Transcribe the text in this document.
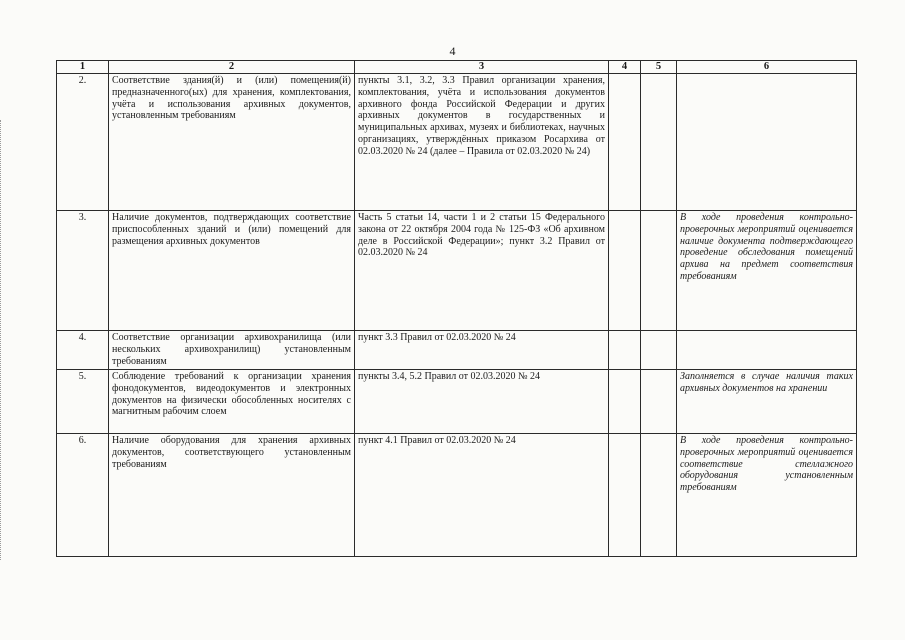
4
1	2	3	4	5	6
2.	Соответствие здания(й) и (или) помещения(й) предназначенного(ых) для хранения, комплектования, учёта и использования архивных документов, установленным требованиям	пункты 3.1, 3.2, 3.3 Правил организации хранения, комплектования, учёта и использования документов архивного фонда Российской Федерации и других архивных документов в государственных и муниципальных архивах, музеях и библиотеках, научных организациях, утверждённых приказом Росархива от 02.03.2020 № 24 (далее – Правила от 02.03.2020 № 24)			
3.	Наличие документов, подтверждающих соответствие приспособленных зданий и (или) помещений для размещения архивных документов	Часть 5 статьи 14, части 1 и 2 статьи 15 Федерального закона от 22 октября 2004 года № 125-ФЗ «Об архивном деле в Российской Федерации»; пункт 3.2 Правил от 02.03.2020 № 24			В ходе проведения контрольно-проверочных мероприятий оценивается наличие документа подтверждающего проведение обследования помещений архива на предмет соответствия требованиям
4.	Соответствие организации архивохранилища (или нескольких архивохранилищ) установленным требованиям	пункт 3.3 Правил от 02.03.2020 № 24			
5.	Соблюдение требований к организации хранения фонодокументов, видеодокументов и электронных документов на физически обособленных носителях с магнитным рабочим слоем	пункты 3.4, 5.2 Правил от 02.03.2020 № 24			Заполняется в случае наличия таких архивных документов на хранении
6.	Наличие оборудования для хранения архивных документов, соответствующего установленным требованиям	пункт 4.1 Правил от 02.03.2020 № 24			В ходе проведения контрольно-проверочных мероприятий оценивается соответствие стеллажного оборудования установленным требованиям
